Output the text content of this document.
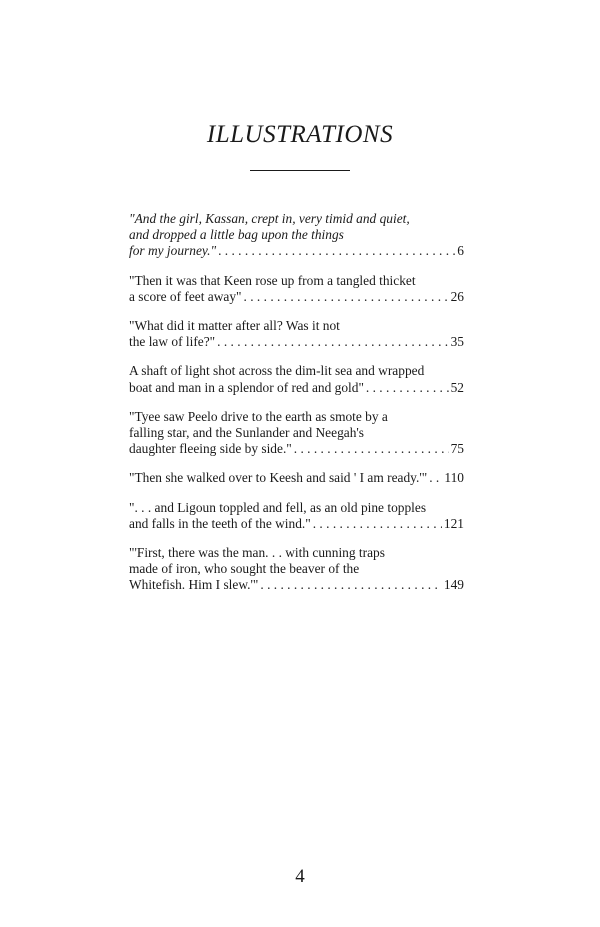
ILLUSTRATIONS
"And the girl, Kassan, crept in, very timid and quiet,
and dropped a little bag upon the things
for my journey." . . .	6
"Then it was that Keen rose up from a tangled thicket
a score of feet away" . . .	26
"What did it matter after all? Was it not
the law of life?" . . .	35
A shaft of light shot across the dim-lit sea and wrapped
boat and man in a splendor of red and gold" . . .	52
"Tyee saw Peelo drive to the earth as smote by a
falling star, and the Sunlander and Neegah's
daughter fleeing side by side." . . .	75
"Then she walked over to Keesh and said ' I am ready.'" . . . 110
". . . and Ligoun toppled and fell, as an old pine topples
and falls in the teeth of the wind." . . .	121
"'First, there was the man. . . with cunning traps
made of iron, who sought the beaver of the
Whitefish. Him I slew.'" . . .	149
4
